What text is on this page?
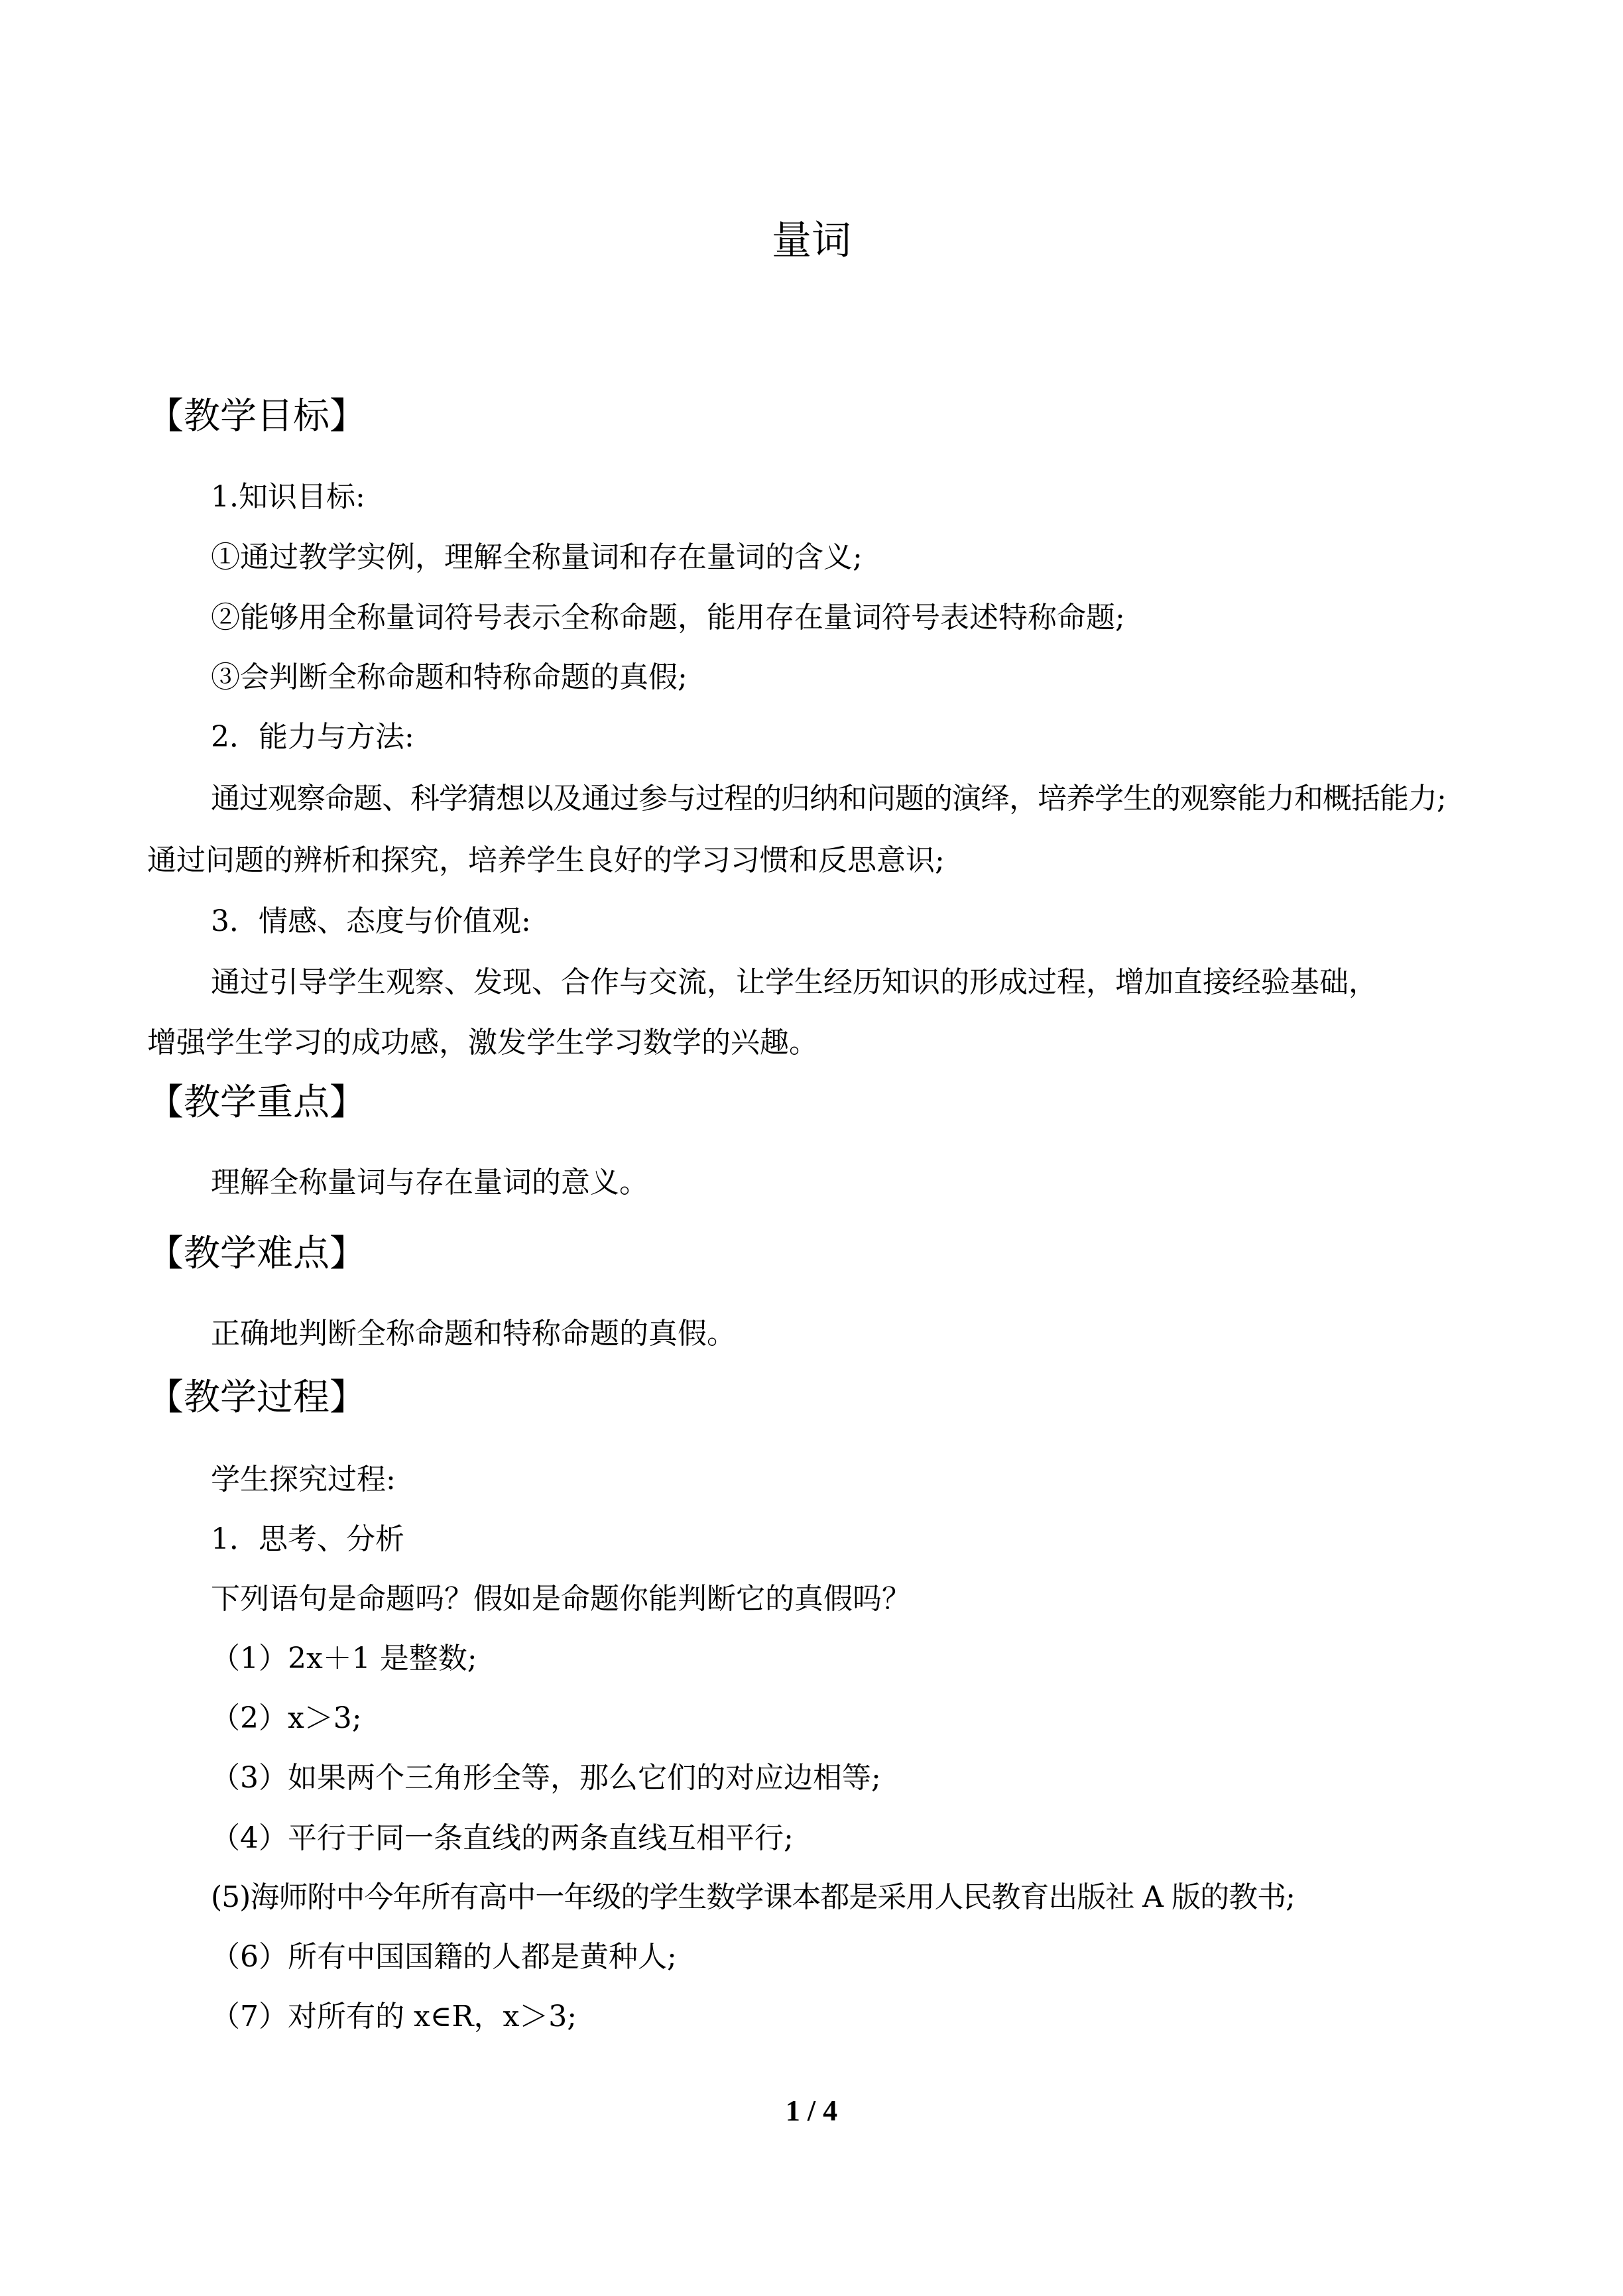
量词
【教学目标】
1.知识目标:
①通过教学实例，理解全称量词和存在量词的含义;
②能够用全称量词符号表示全称命题，能用存在量词符号表述特称命题;
③会判断全称命题和特称命题的真假;
2．能力与方法:
通过观察命题、科学猜想以及通过参与过程的归纳和问题的演绎，培养学生的观察能力和概括能力;
通过问题的辨析和探究，培养学生良好的学习习惯和反思意识;
3．情感、态度与价值观:
通过引导学生观察、发现、合作与交流，让学生经历知识的形成过程，增加直接经验基础，
增强学生学习的成功感，激发学生学习数学的兴趣。
【教学重点】
理解全称量词与存在量词的意义。
【教学难点】
正确地判断全称命题和特称命题的真假。
【教学过程】
学生探究过程:
1．思考、分析
下列语句是命题吗？假如是命题你能判断它的真假吗？
（1）2x＋1 是整数;
（2）x＞3;
（3）如果两个三角形全等，那么它们的对应边相等;
（4）平行于同一条直线的两条直线互相平行;
(5)海师附中今年所有高中一年级的学生数学课本都是采用人民教育出版社 A 版的教书;
（6）所有中国国籍的人都是黄种人;
（7）对所有的 x∈R，x＞3;
1 / 4
